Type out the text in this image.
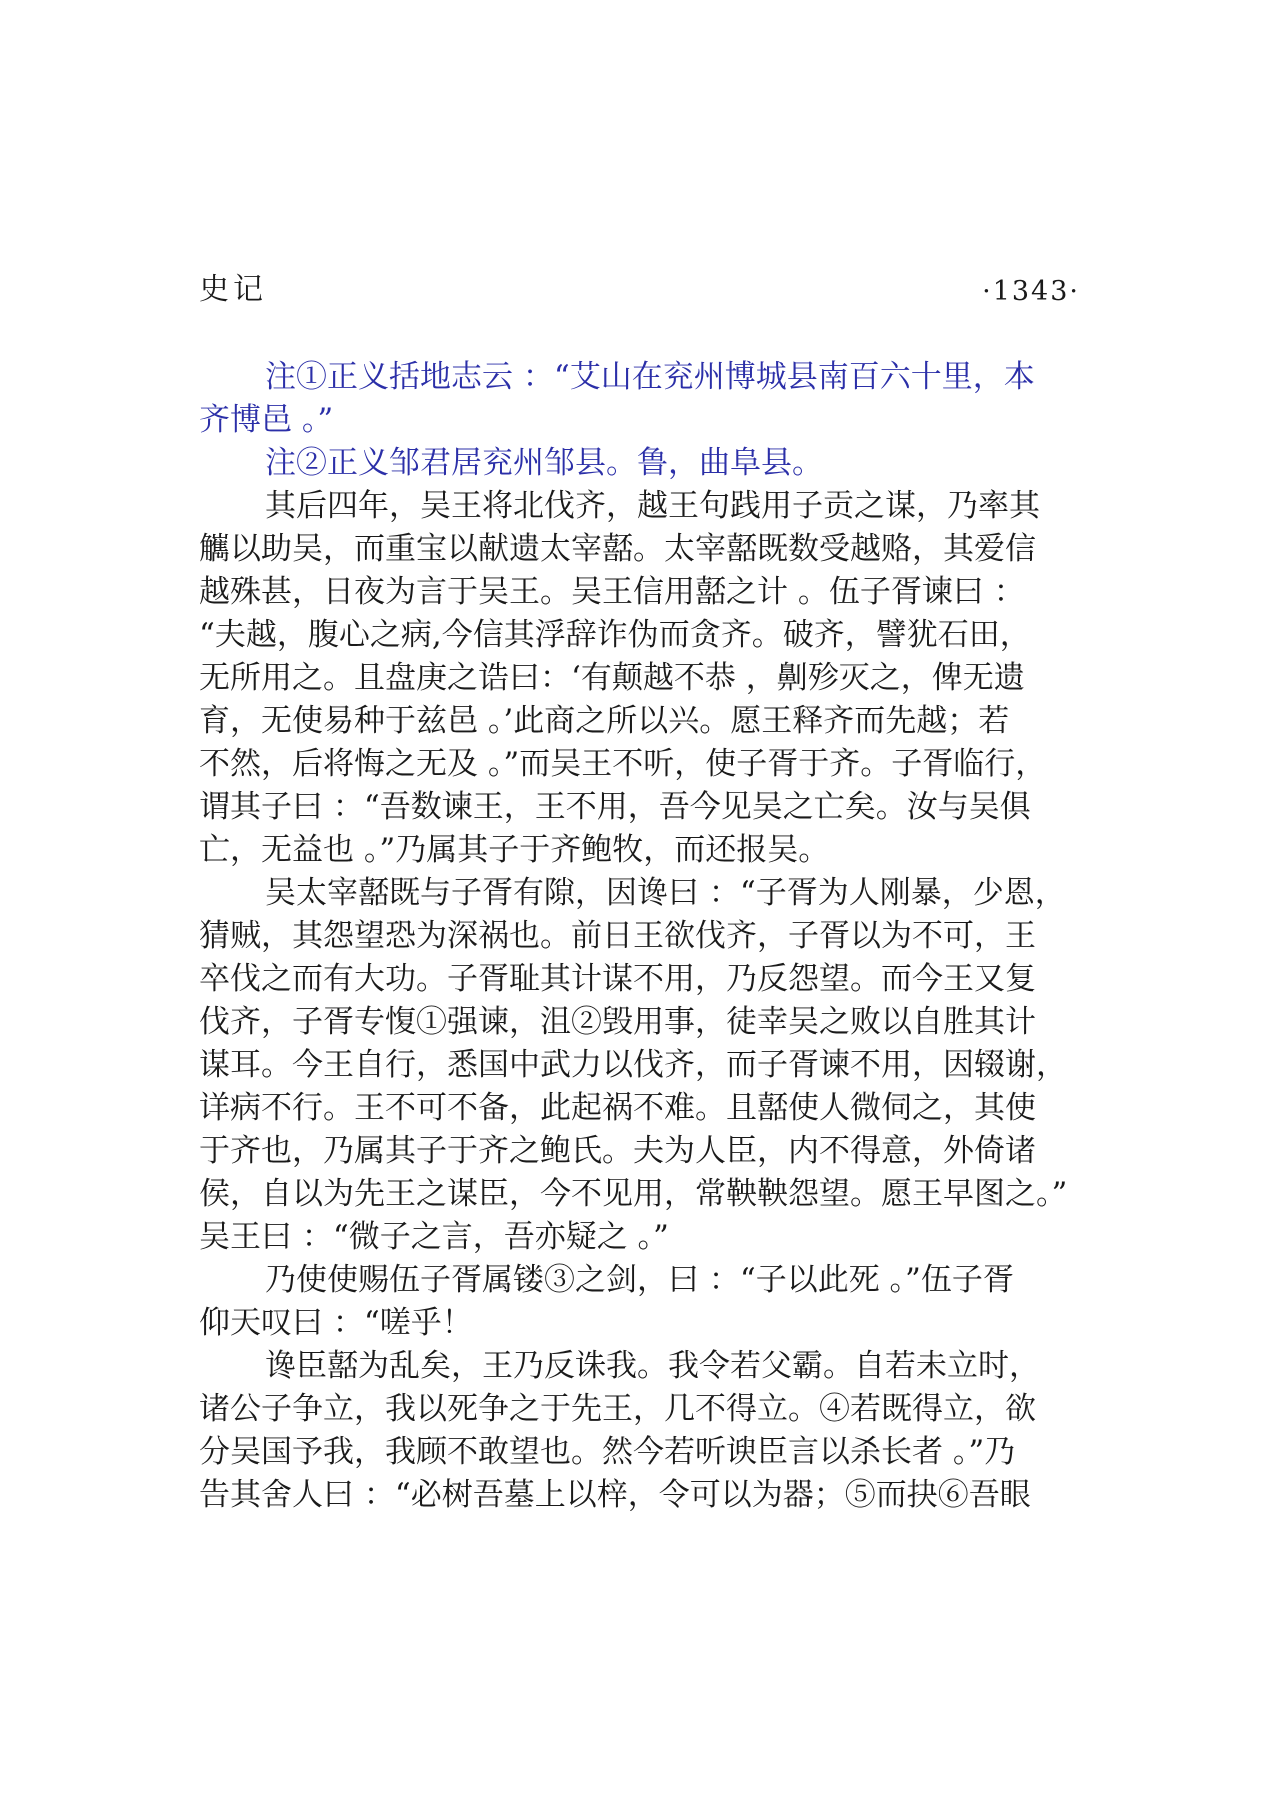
史记	·1343·
注①正义括地志云 ：“艾山在兖州博城县南百六十里，本
齐博邑 。”
注②正义邹君居兖州邹县。鲁，曲阜县。
其后四年，吴王将北伐齐，越王句践用子贡之谋，乃率其
觽以助吴，而重宝以献遗太宰嚭。太宰嚭既数受越赂，其爱信
越殊甚，日夜为言于吴王。吴王信用嚭之计 。伍子胥谏曰 ：
“夫越，腹心之病,今信其浮辞诈伪而贪齐。破齐，譬犹石田，
无所用之。且盘庚之诰曰：‘有颠越不恭 ，劓殄灭之，俾无遗
育，无使易种于兹邑 。’此商之所以兴。愿王释齐而先越；若
不然，后将悔之无及 。”而吴王不听，使子胥于齐。子胥临行，
谓其子曰 ：“吾数谏王，王不用，吾今见吴之亡矣。汝与吴俱
亡，无益也 。”乃属其子于齐鲍牧，而还报吴。
吴太宰嚭既与子胥有隙，因谗曰 ：“子胥为人刚暴，少恩，
猜贼，其怨望恐为深祸也。前日王欲伐齐，子胥以为不可，王
卒伐之而有大功。子胥耻其计谋不用，乃反怨望。而今王又复
伐齐，子胥专愎①强谏，沮②毁用事，徒幸吴之败以自胜其计
谋耳。今王自行，悉国中武力以伐齐，而子胥谏不用，因辍谢，
详病不行。王不可不备，此起祸不难。且嚭使人微伺之，其使
于齐也，乃属其子于齐之鲍氏。夫为人臣，内不得意，外倚诸
侯，自以为先王之谋臣，今不见用，常鞅鞅怨望。愿王早图之。”
吴王曰 ：“微子之言，吾亦疑之 。”
乃使使赐伍子胥属镂③之剑，曰 ：“子以此死 。”伍子胥
仰天叹曰 ：“嗟乎！
谗臣嚭为乱矣，王乃反诛我。我令若父霸。自若未立时，
诸公子争立，我以死争之于先王，几不得立。④若既得立，欲
分吴国予我，我顾不敢望也。然今若听谀臣言以杀长者 。”乃
告其舍人曰 ：“必树吾墓上以梓，令可以为器；⑤而抉⑥吾眼
